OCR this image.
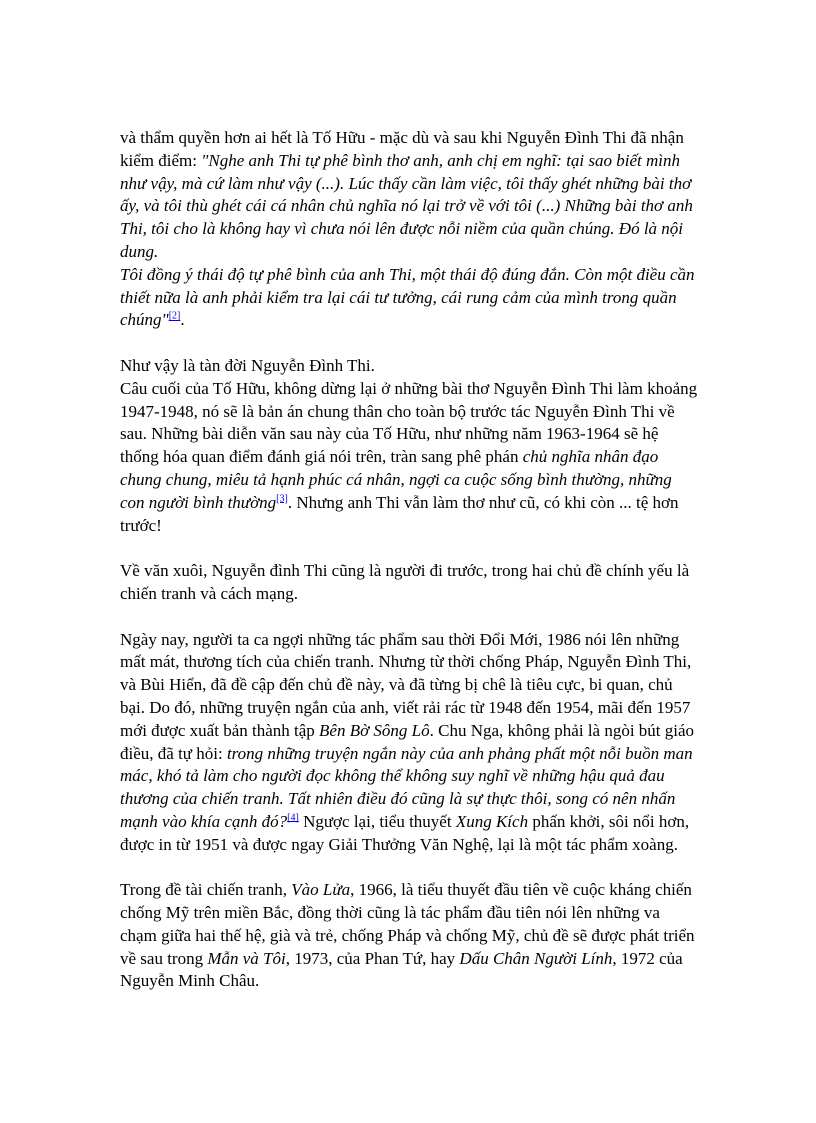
và thẩm quyền hơn ai hết là Tố Hữu - mặc dù và sau khi Nguyễn Đình Thi đã nhận kiểm điểm: "Nghe anh Thi tự phê bình thơ anh, anh chị em nghĩ: tại sao biết mình như vậy, mà cứ làm như vậy (...). Lúc thấy cần làm việc, tôi thấy ghét những bài thơ ấy, và tôi thù ghét cái cá nhân chủ nghĩa nó lại trở về với tôi (...) Những bài thơ anh Thi, tôi cho là không hay vì chưa nói lên được nỗi niềm của quần chúng. Đó là nội dung.

Tôi đồng ý thái độ tự phê bình của anh Thi, một thái độ đúng đắn. Còn một điều cần thiết nữa là anh phải kiểm tra lại cái tư tưởng, cái rung cảm của mình trong quần chúng"[2].

Như vậy là tàn đời Nguyễn Đình Thi.

Câu cuối của Tố Hữu, không dừng lại ở những bài thơ Nguyễn Đình Thi làm khoảng 1947-1948, nó sẽ là bản án chung thân cho toàn bộ trước tác Nguyễn Đình Thi về sau. Những bài diễn văn sau này của Tố Hữu, như những năm 1963-1964 sẽ hệ thống hóa quan điểm đánh giá nói trên, tràn sang phê phán chủ nghĩa nhân đạo chung chung, miêu tả hạnh phúc cá nhân, ngợi ca cuộc sống bình thường, những con người bình thường[3]. Nhưng anh Thi vẫn làm thơ như cũ, có khi còn ... tệ hơn trước!

Về văn xuôi, Nguyễn đình Thi cũng là người đi trước, trong hai chủ đề chính yếu là chiến tranh và cách mạng.

Ngày nay, người ta ca ngợi những tác phẩm sau thời Đổi Mới, 1986 nói lên những mất mát, thương tích của chiến tranh. Nhưng từ thời chống Pháp, Nguyễn Đình Thi, và Bùi Hiển, đã đề cập đến chủ đề này, và đã từng bị chê là tiêu cực, bi quan, chủ bại. Do đó, những truyện ngắn của anh, viết rải rác từ 1948 đến 1954, mãi đến 1957 mới được xuất bản thành tập Bên Bờ Sông Lô. Chu Nga, không phải là ngòi bút giáo điều, đã tự hỏi: trong những truyện ngắn này của anh phảng phất một nỗi buồn man mác, khó tả làm cho người đọc không thể không suy nghĩ về những hậu quả đau thương của chiến tranh. Tất nhiên điều đó cũng là sự thực thôi, song có nên nhấn mạnh vào khía cạnh đó?[4] Ngược lại, tiểu thuyết Xung Kích phấn khởi, sôi nổi hơn, được in từ 1951 và được ngay Giải Thưởng Văn Nghệ, lại là một tác phẩm xoàng.

Trong đề tài chiến tranh, Vào Lửa, 1966, là tiểu thuyết đầu tiên về cuộc kháng chiến chống Mỹ trên miền Bắc, đồng thời cũng là tác phẩm đầu tiên nói lên những va chạm giữa hai thế hệ, già và trẻ, chống Pháp và chống Mỹ, chủ đề sẽ được phát triển về sau trong Mẫn và Tôi, 1973, của Phan Tứ, hay Dấu Chân Người Lính, 1972 của Nguyễn Minh Châu.
